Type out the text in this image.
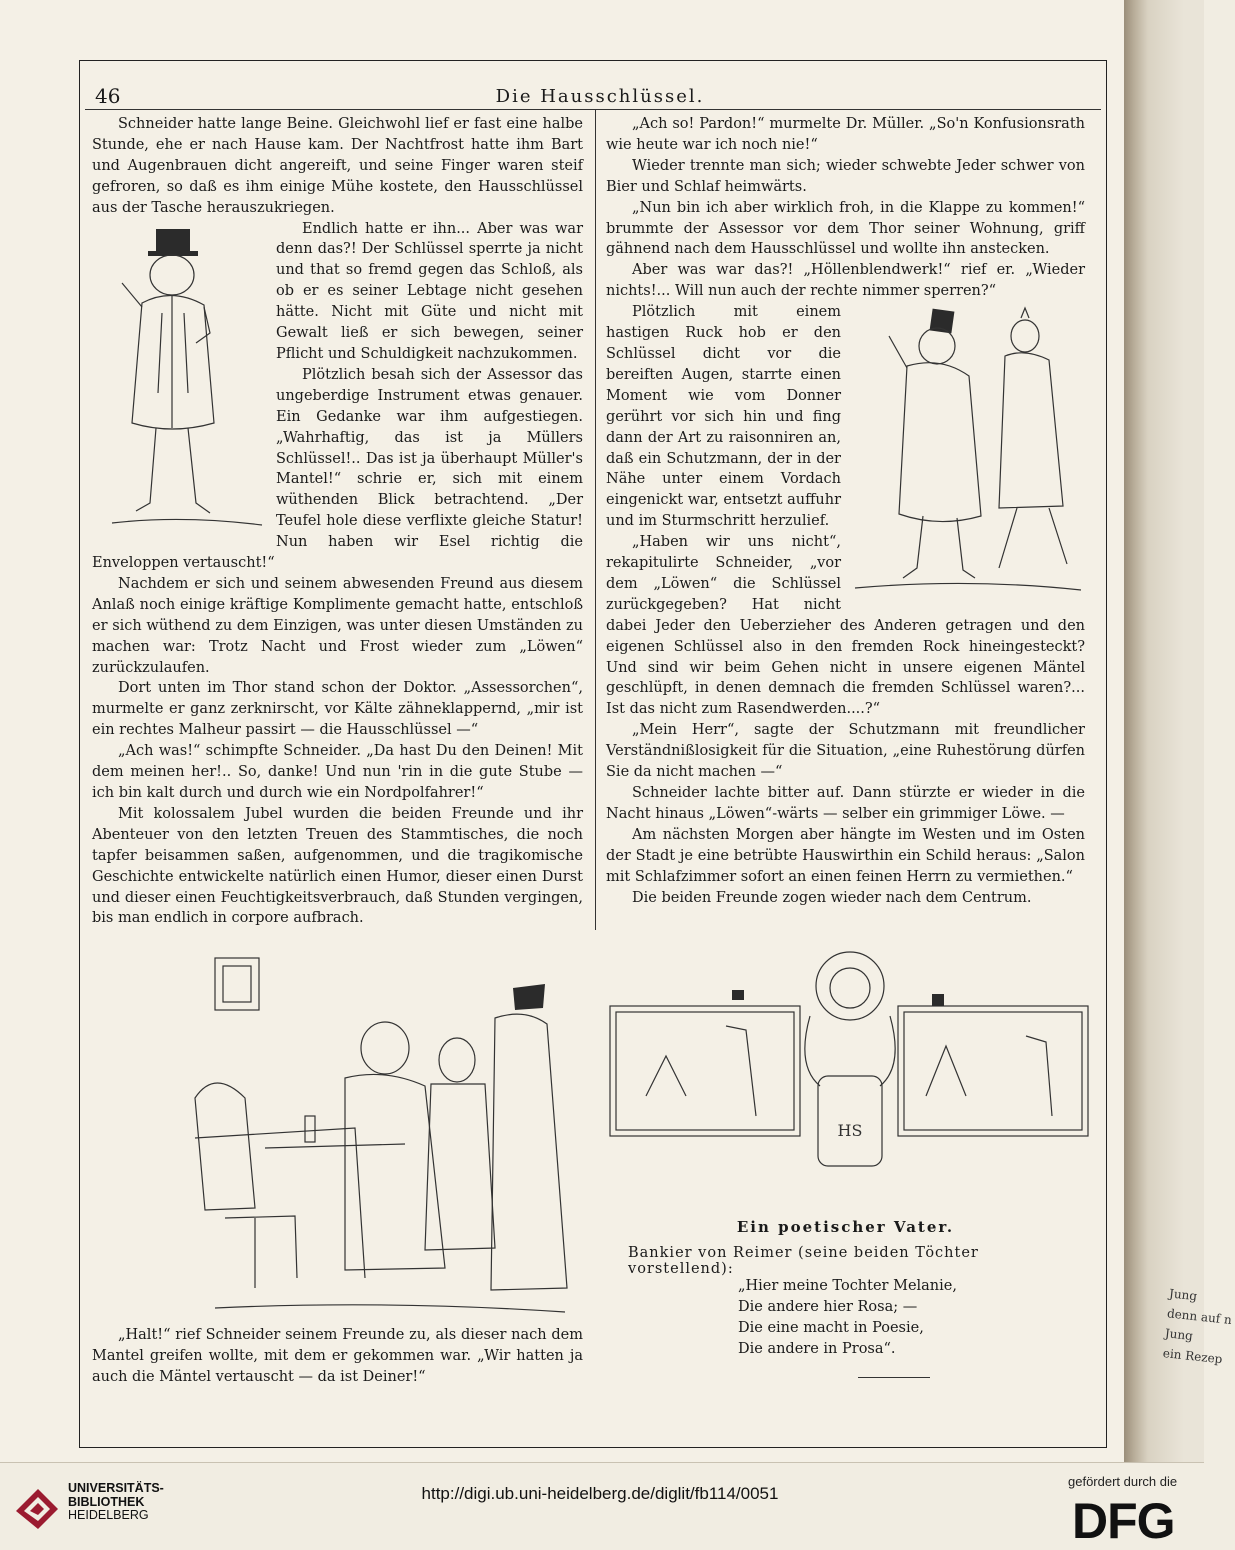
Jung
denn auf n
Jung
ein Rezep
46	Die Hausschlüssel.

Schneider hatte lange Beine. Gleichwohl lief er fast eine halbe Stunde, ehe er nach Hause kam. Der Nachtfrost hatte ihm Bart und Augenbrauen dicht angereift, und seine Finger waren steif gefroren, so daß es ihm einige Mühe kostete, den Hausschlüssel aus der Tasche herauszukriegen.

Endlich hatte er ihn... Aber was war denn das?! Der Schlüssel sperrte ja nicht und that so fremd gegen das Schloß, als ob er es seiner Lebtage nicht gesehen hätte. Nicht mit Güte und nicht mit Gewalt ließ er sich bewegen, seiner Pflicht und Schuldigkeit nachzukommen.

Plötzlich besah sich der Assessor das ungeberdige Instrument etwas genauer. Ein Gedanke war ihm aufgestiegen. „Wahrhaftig, das ist ja Müllers Schlüssel!.. Das ist ja überhaupt Müller's Mantel!“ schrie er, sich mit einem wüthenden Blick betrachtend. „Der Teufel hole diese verflixte gleiche Statur! Nun haben wir Esel richtig die Enveloppen vertauscht!“

Nachdem er sich und seinem abwesenden Freund aus diesem Anlaß noch einige kräftige Komplimente gemacht hatte, entschloß er sich wüthend zu dem Einzigen, was unter diesen Umständen zu machen war: Trotz Nacht und Frost wieder zum „Löwen“ zurückzulaufen.

Dort unten im Thor stand schon der Doktor. „Assessorchen“, murmelte er ganz zerknirscht, vor Kälte zähneklappernd, „mir ist ein rechtes Malheur passirt — die Hausschlüssel —“

„Ach was!“ schimpfte Schneider. „Da hast Du den Deinen! Mit dem meinen her!.. So, danke! Und nun 'rin in die gute Stube — ich bin kalt durch und durch wie ein Nordpolfahrer!“

Mit kolossalem Jubel wurden die beiden Freunde und ihr Abenteuer von den letzten Treuen des Stammtisches, die noch tapfer beisammen saßen, aufgenommen, und die tragikomische Geschichte entwickelte natürlich einen Humor, dieser einen Durst und dieser einen Feuchtigkeitsverbrauch, daß Stunden vergingen, bis man endlich in corpore aufbrach.

„Halt!“ rief Schneider seinem Freunde zu, als dieser nach dem Mantel greifen wollte, mit dem er gekommen war. „Wir hatten ja auch die Mäntel vertauscht — da ist Deiner!“

„Ach so! Pardon!“ murmelte Dr. Müller. „So'n Konfusionsrath wie heute war ich noch nie!“

Wieder trennte man sich; wieder schwebte Jeder schwer von Bier und Schlaf heimwärts.

„Nun bin ich aber wirklich froh, in die Klappe zu kommen!“ brummte der Assessor vor dem Thor seiner Wohnung, griff gähnend nach dem Hausschlüssel und wollte ihn anstecken.

Aber was war das?! „Höllenblendwerk!“ rief er. „Wieder nichts!... Will nun auch der rechte nimmer sperren?“

Plötzlich mit einem hastigen Ruck hob er den Schlüssel dicht vor die bereiften Augen, starrte einen Moment wie vom Donner gerührt vor sich hin und fing dann der Art zu raisonniren an, daß ein Schutzmann, der in der Nähe unter einem Vordach eingenickt war, entsetzt auffuhr und im Sturmschritt herzulief.

„Haben wir uns nicht“, rekapitulirte Schneider, „vor dem „Löwen“ die Schlüssel zurückgegeben? Hat nicht dabei Jeder den Ueberzieher des Anderen getragen und den eigenen Schlüssel also in den fremden Rock hineingesteckt? Und sind wir beim Gehen nicht in unsere eigenen Mäntel geschlüpft, in denen demnach die fremden Schlüssel waren?... Ist das nicht zum Rasendwerden....?“

„Mein Herr“, sagte der Schutzmann mit freundlicher Verständnißlosigkeit für die Situation, „eine Ruhestörung dürfen Sie da nicht machen —“

Schneider lachte bitter auf. Dann stürzte er wieder in die Nacht hinaus „Löwen“-wärts — selber ein grimmiger Löwe. —

Am nächsten Morgen aber hängte im Westen und im Osten der Stadt je eine betrübte Hauswirthin ein Schild heraus: „Salon mit Schlafzimmer sofort an einen feinen Herrn zu vermiethen.“

Die beiden Freunde zogen wieder nach dem Centrum.

HS
Ein poetischer Vater.
Bankier von Reimer (seine beiden Töchter vorstellend):
„Hier meine Tochter Melanie,
Die andere hier Rosa; —
Die eine macht in Poesie,
Die andere in Prosa“.
UNIVERSITÄTS-
BIBLIOTHEK
HEIDELBERG
http://digi.ub.uni-heidelberg.de/diglit/fb114/0051
gefördert durch die
DFG
